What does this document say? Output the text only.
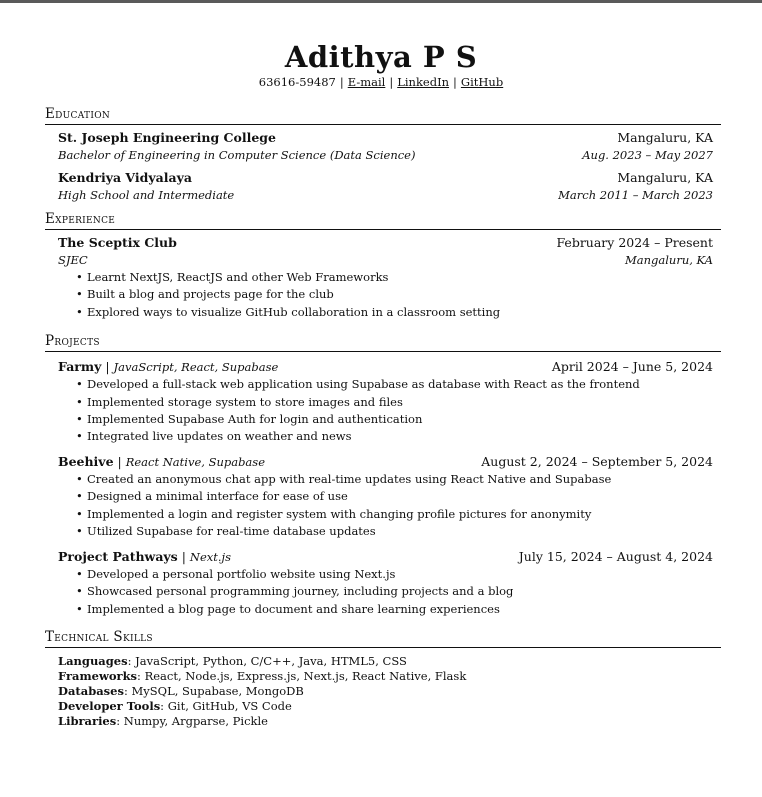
Adithya P S
63616-59487 | E-mail | LinkedIn | GitHub
Education
St. Joseph Engineering College	Mangaluru, KA
Bachelor of Engineering in Computer Science (Data Science)	Aug. 2023 – May 2027
Kendriya Vidyalaya	Mangaluru, KA
High School and Intermediate	March 2011 – March 2023
Experience
The Sceptix Club	February 2024 – Present
SJEC	Mangaluru, KA
• Learnt NextJS, ReactJS and other Web Frameworks
• Built a blog and projects page for the club
• Explored ways to visualize GitHub collaboration in a classroom setting
Projects
Farmy | JavaScript, React, Supabase	April 2024 – June 5, 2024
• Developed a full-stack web application using Supabase as database with React as the frontend
• Implemented storage system to store images and files
• Implemented Supabase Auth for login and authentication
• Integrated live updates on weather and news
Beehive | React Native, Supabase	August 2, 2024 – September 5, 2024
• Created an anonymous chat app with real-time updates using React Native and Supabase
• Designed a minimal interface for ease of use
• Implemented a login and register system with changing profile pictures for anonymity
• Utilized Supabase for real-time database updates
Project Pathways | Next.js	July 15, 2024 – August 4, 2024
• Developed a personal portfolio website using Next.js
• Showcased personal programming journey, including projects and a blog
• Implemented a blog page to document and share learning experiences
Technical Skills
Languages: JavaScript, Python, C/C++, Java, HTML5, CSS
Frameworks: React, Node.js, Express.js, Next.js, React Native, Flask
Databases: MySQL, Supabase, MongoDB
Developer Tools: Git, GitHub, VS Code
Libraries: Numpy, Argparse, Pickle
